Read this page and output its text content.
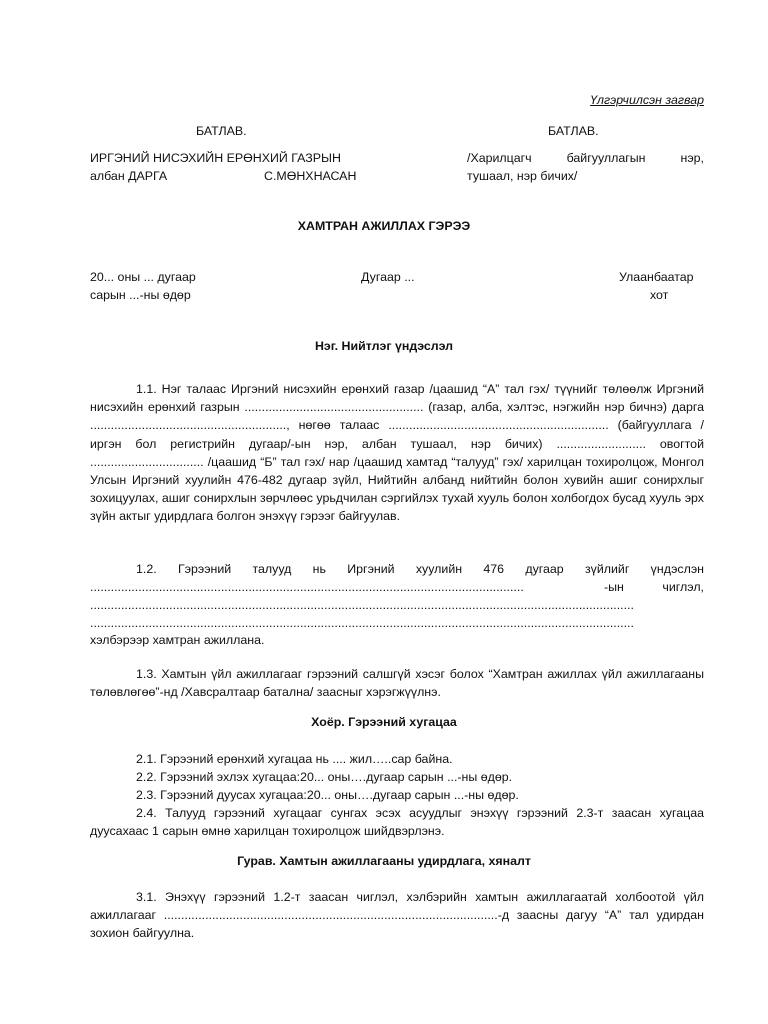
Үлгэрчилсэн загвар
БАТЛАВ.	БАТЛАВ.
ИРГЭНИЙ НИСЭХИЙН ЕРӨНХИЙ ГАЗРЫН
албан ДАРГА	С.МӨНХНАСАН
/Харилцагч байгууллагын нэр,
тушаал, нэр бичих/
ХАМТРАН АЖИЛЛАХ ГЭРЭЭ
20... оны ... дугаар
сарын ...-ны өдөр
Дугаар ...	Улаанбаатар
хот
Нэг. Нийтлэг үндэслэл

1.1. Нэг талаас Иргэний нисэхийн ерөнхий газар /цаашид “А” тал гэх/ түүнийг төлөөлж Иргэний нисэхийн ерөнхий газрын .................................................... (газар, алба, хэлтэс, нэгжийн нэр бичнэ) дарга ........................................................., нөгөө талаас ................................................................ (байгууллага /иргэн бол регистрийн дугаар/-ын нэр, албан тушаал, нэр бичих) .......................... овогтой ................................. /цаашид “Б” тал гэх/ нар /цаашид хамтад “талууд” гэх/ харилцан тохиролцож, Монгол Улсын Иргэний хуулийн 476-482 дугаар зүйл, Нийтийн албанд нийтийн болон хувийн ашиг сонирхлыг зохицуулах, ашиг сонирхлын зөрчлөөс урьдчилан сэргийлэх тухай хууль болон холбогдох бусад хууль эрх зүйн актыг удирдлага болгон энэхүү гэрээг байгуулав.

1.2. Гэрээний талууд нь Иргэний хуулийн 476 дугаар зүйлийг үндэслэн
..............................................................................................................................	-ын чиглэл,
..............................................................................................................................................................
..............................................................................................................................................................
хэлбэрээр хамтран ажиллана.

1.3. Хамтын үйл ажиллагааг гэрээний салшгүй хэсэг болох “Хамтран ажиллах үйл ажиллагааны төлөвлөгөө”-нд /Хавсралтаар батална/ заасныг хэрэгжүүлнэ.

Хоёр. Гэрээний хугацаа
2.1. Гэрээний ерөнхий хугацаа нь .... жил…..сар байна.
2.2. Гэрээний эхлэх хугацаа:20... оны….дугаар сарын ...-ны өдөр.
2.3. Гэрээний дуусах хугацаа:20... оны….дугаар сарын ...-ны өдөр.

2.4. Талууд гэрээний хугацааг сунгах эсэх асуудлыг энэхүү гэрээний 2.3-т заасан хугацаа дуусахаас 1 сарын өмнө харилцан тохиролцож шийдвэрлэнэ.

Гурав. Хамтын ажиллагааны удирдлага, хяналт

3.1. Энэхүү гэрээний 1.2-т заасан чиглэл, хэлбэрийн хамтын ажиллагаатай холбоотой үйл ажиллагааг .................................................................................................-д заасны дагуу “А” тал удирдан зохион байгуулна.
